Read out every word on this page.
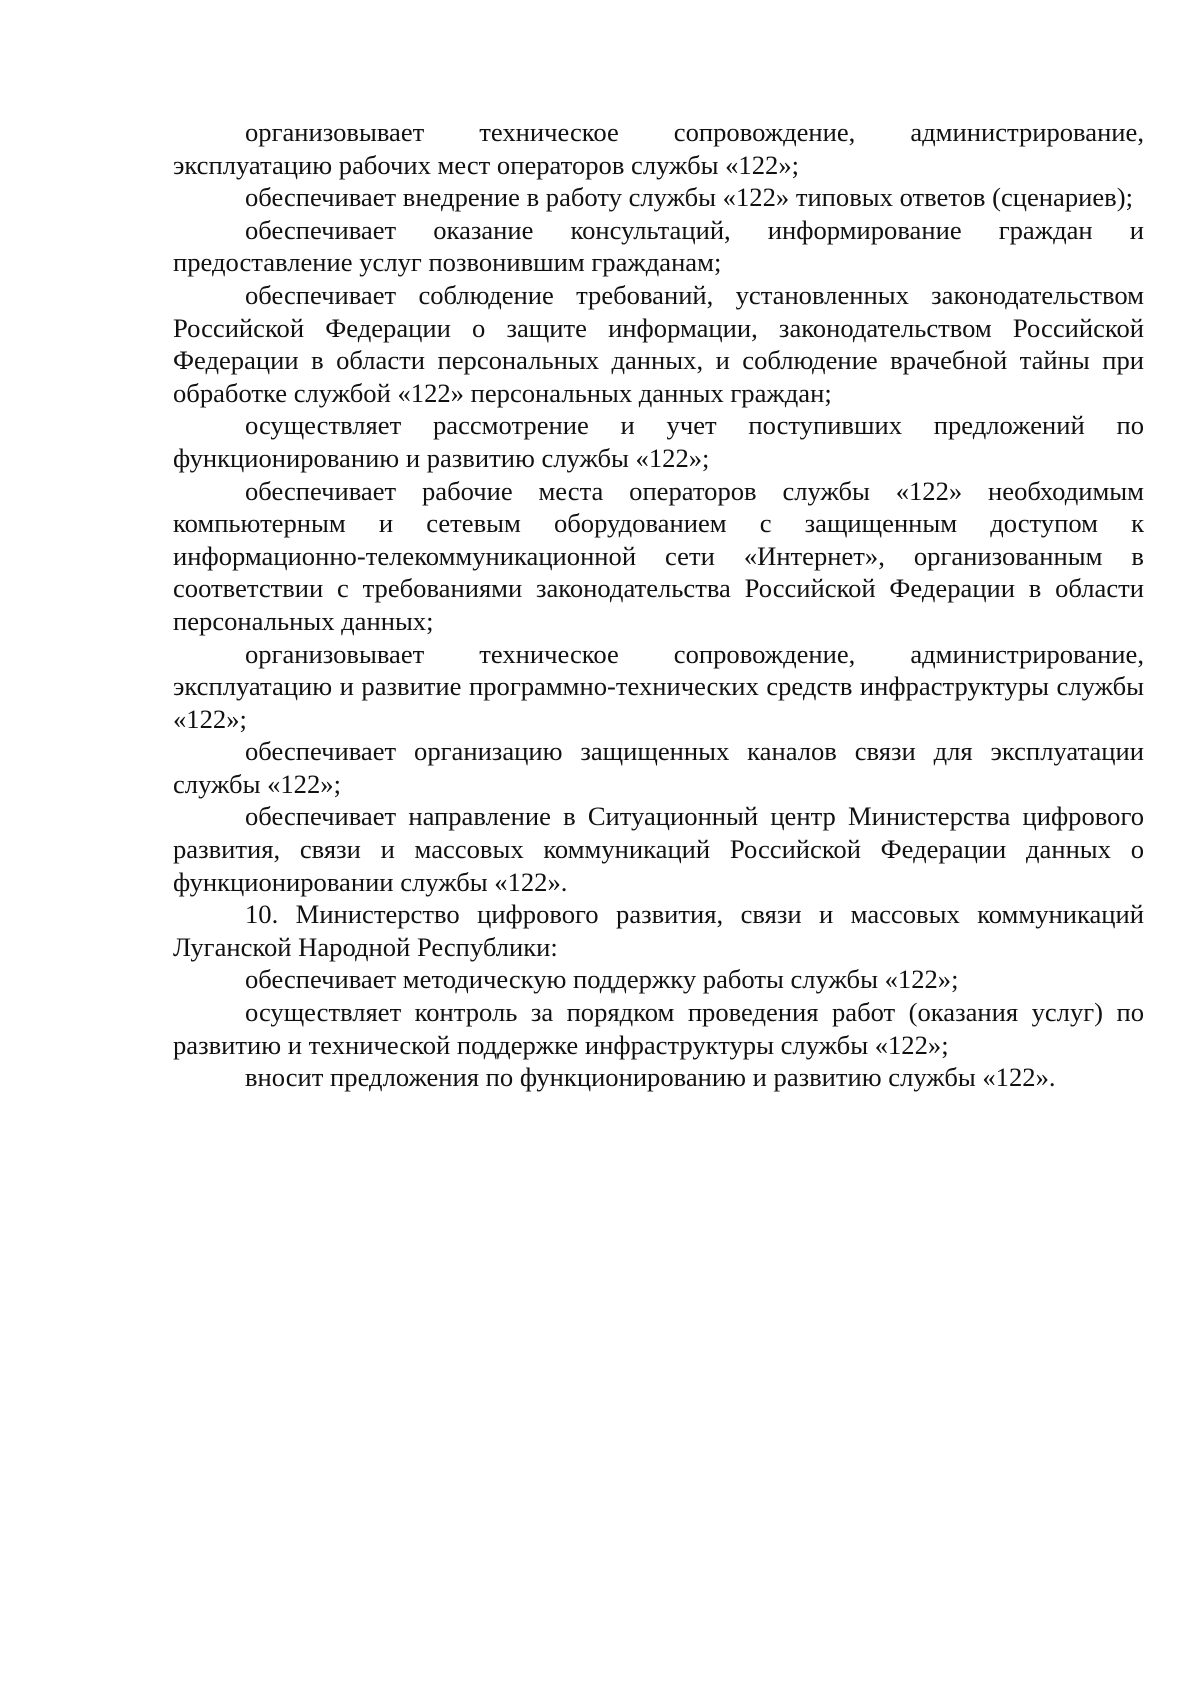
организовывает техническое сопровождение, администрирование, эксплуатацию рабочих мест операторов службы «122»;

обеспечивает внедрение в работу службы «122» типовых ответов (сценариев);

обеспечивает оказание консультаций, информирование граждан и предоставление услуг позвонившим гражданам;

обеспечивает соблюдение требований, установленных законодательством Российской Федерации о защите информации, законодательством Российской Федерации в области персональных данных, и соблюдение врачебной тайны при обработке службой «122» персональных данных граждан;

осуществляет рассмотрение и учет поступивших предложений по функционированию и развитию службы «122»;

обеспечивает рабочие места операторов службы «122» необходимым компьютерным и сетевым оборудованием с защищенным доступом к информационно-телекоммуникационной сети «Интернет», организованным в соответствии с требованиями законодательства Российской Федерации в области персональных данных;

организовывает техническое сопровождение, администрирование, эксплуатацию и развитие программно-технических средств инфраструктуры службы «122»;

обеспечивает организацию защищенных каналов связи для эксплуатации службы «122»;

обеспечивает направление в Ситуационный центр Министерства цифрового развития, связи и массовых коммуникаций Российской Федерации данных о функционировании службы «122».

10. Министерство цифрового развития, связи и массовых коммуникаций Луганской Народной Республики:

обеспечивает методическую поддержку работы службы «122»;

осуществляет контроль за порядком проведения работ (оказания услуг) по развитию и технической поддержке инфраструктуры службы «122»;

вносит предложения по функционированию и развитию службы «122».
